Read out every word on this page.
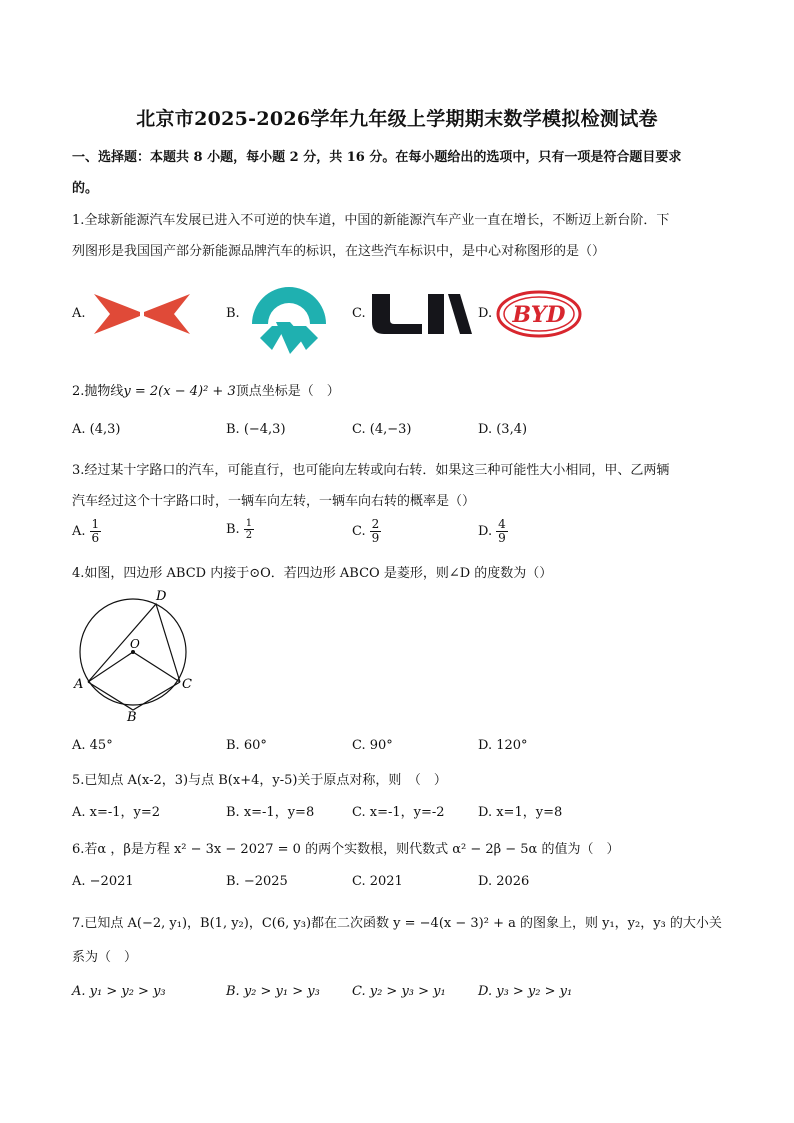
北京市2025-2026学年九年级上学期期末数学模拟检测试卷
一、选择题：本题共 8 小题，每小题 2 分，共 16 分。在每小题给出的选项中，只有一项是符合题目要求
的。
1.全球新能源汽车发展已进入不可逆的快车道，中国的新能源汽车产业一直在增长，不断迈上新台阶．下
列图形是我国国产部分新能源品牌汽车的标识，在这些汽车标识中，是中心对称图形的是（）
A.	B.	C.	D. BYD
2.抛物线y = 2(x − 4)² + 3顶点坐标是（　）
A. (4,3)	B. (−4,3)	C. (4,−3)	D. (3,4)
3.经过某十字路口的汽车，可能直行，也可能向左转或向右转．如果这三种可能性大小相同，甲、乙两辆
汽车经过这个十字路口时，一辆车向左转，一辆车向右转的概率是（）
A. $\frac{1}{6}$	B. $\frac{1}{2}$	C. $\frac{2}{9}$	D. $\frac{4}{9}$
4.如图，四边形 ABCD 内接于⊙O．若四边形 ABCO 是菱形，则∠D 的度数为（）
A
B
C
D
O
A. 45°	B. 60°	C. 90°	D. 120°
5.已知点 A(x-2，3)与点 B(x+4，y-5)关于原点对称，则　（　）
A. x=-1，y=2	B. x=-1，y=8	C. x=-1，y=-2	D. x=1，y=8
6.若α ，β是方程 x² − 3x − 2027 = 0 的两个实数根，则代数式 α² − 2β − 5α 的值为（　）
A. −2021	B. −2025	C. 2021	D. 2026
7.已知点 A(−2, y₁)，B(1, y₂)，C(6, y₃)都在二次函数 y = −4(x − 3)² + a 的图象上，则 y₁，y₂，y₃ 的大小关
系为（　）
A. y₁ > y₂ > y₃	B. y₂ > y₁ > y₃ C. y₂ > y₃ > y₁ D. y₃ > y₂ > y₁
